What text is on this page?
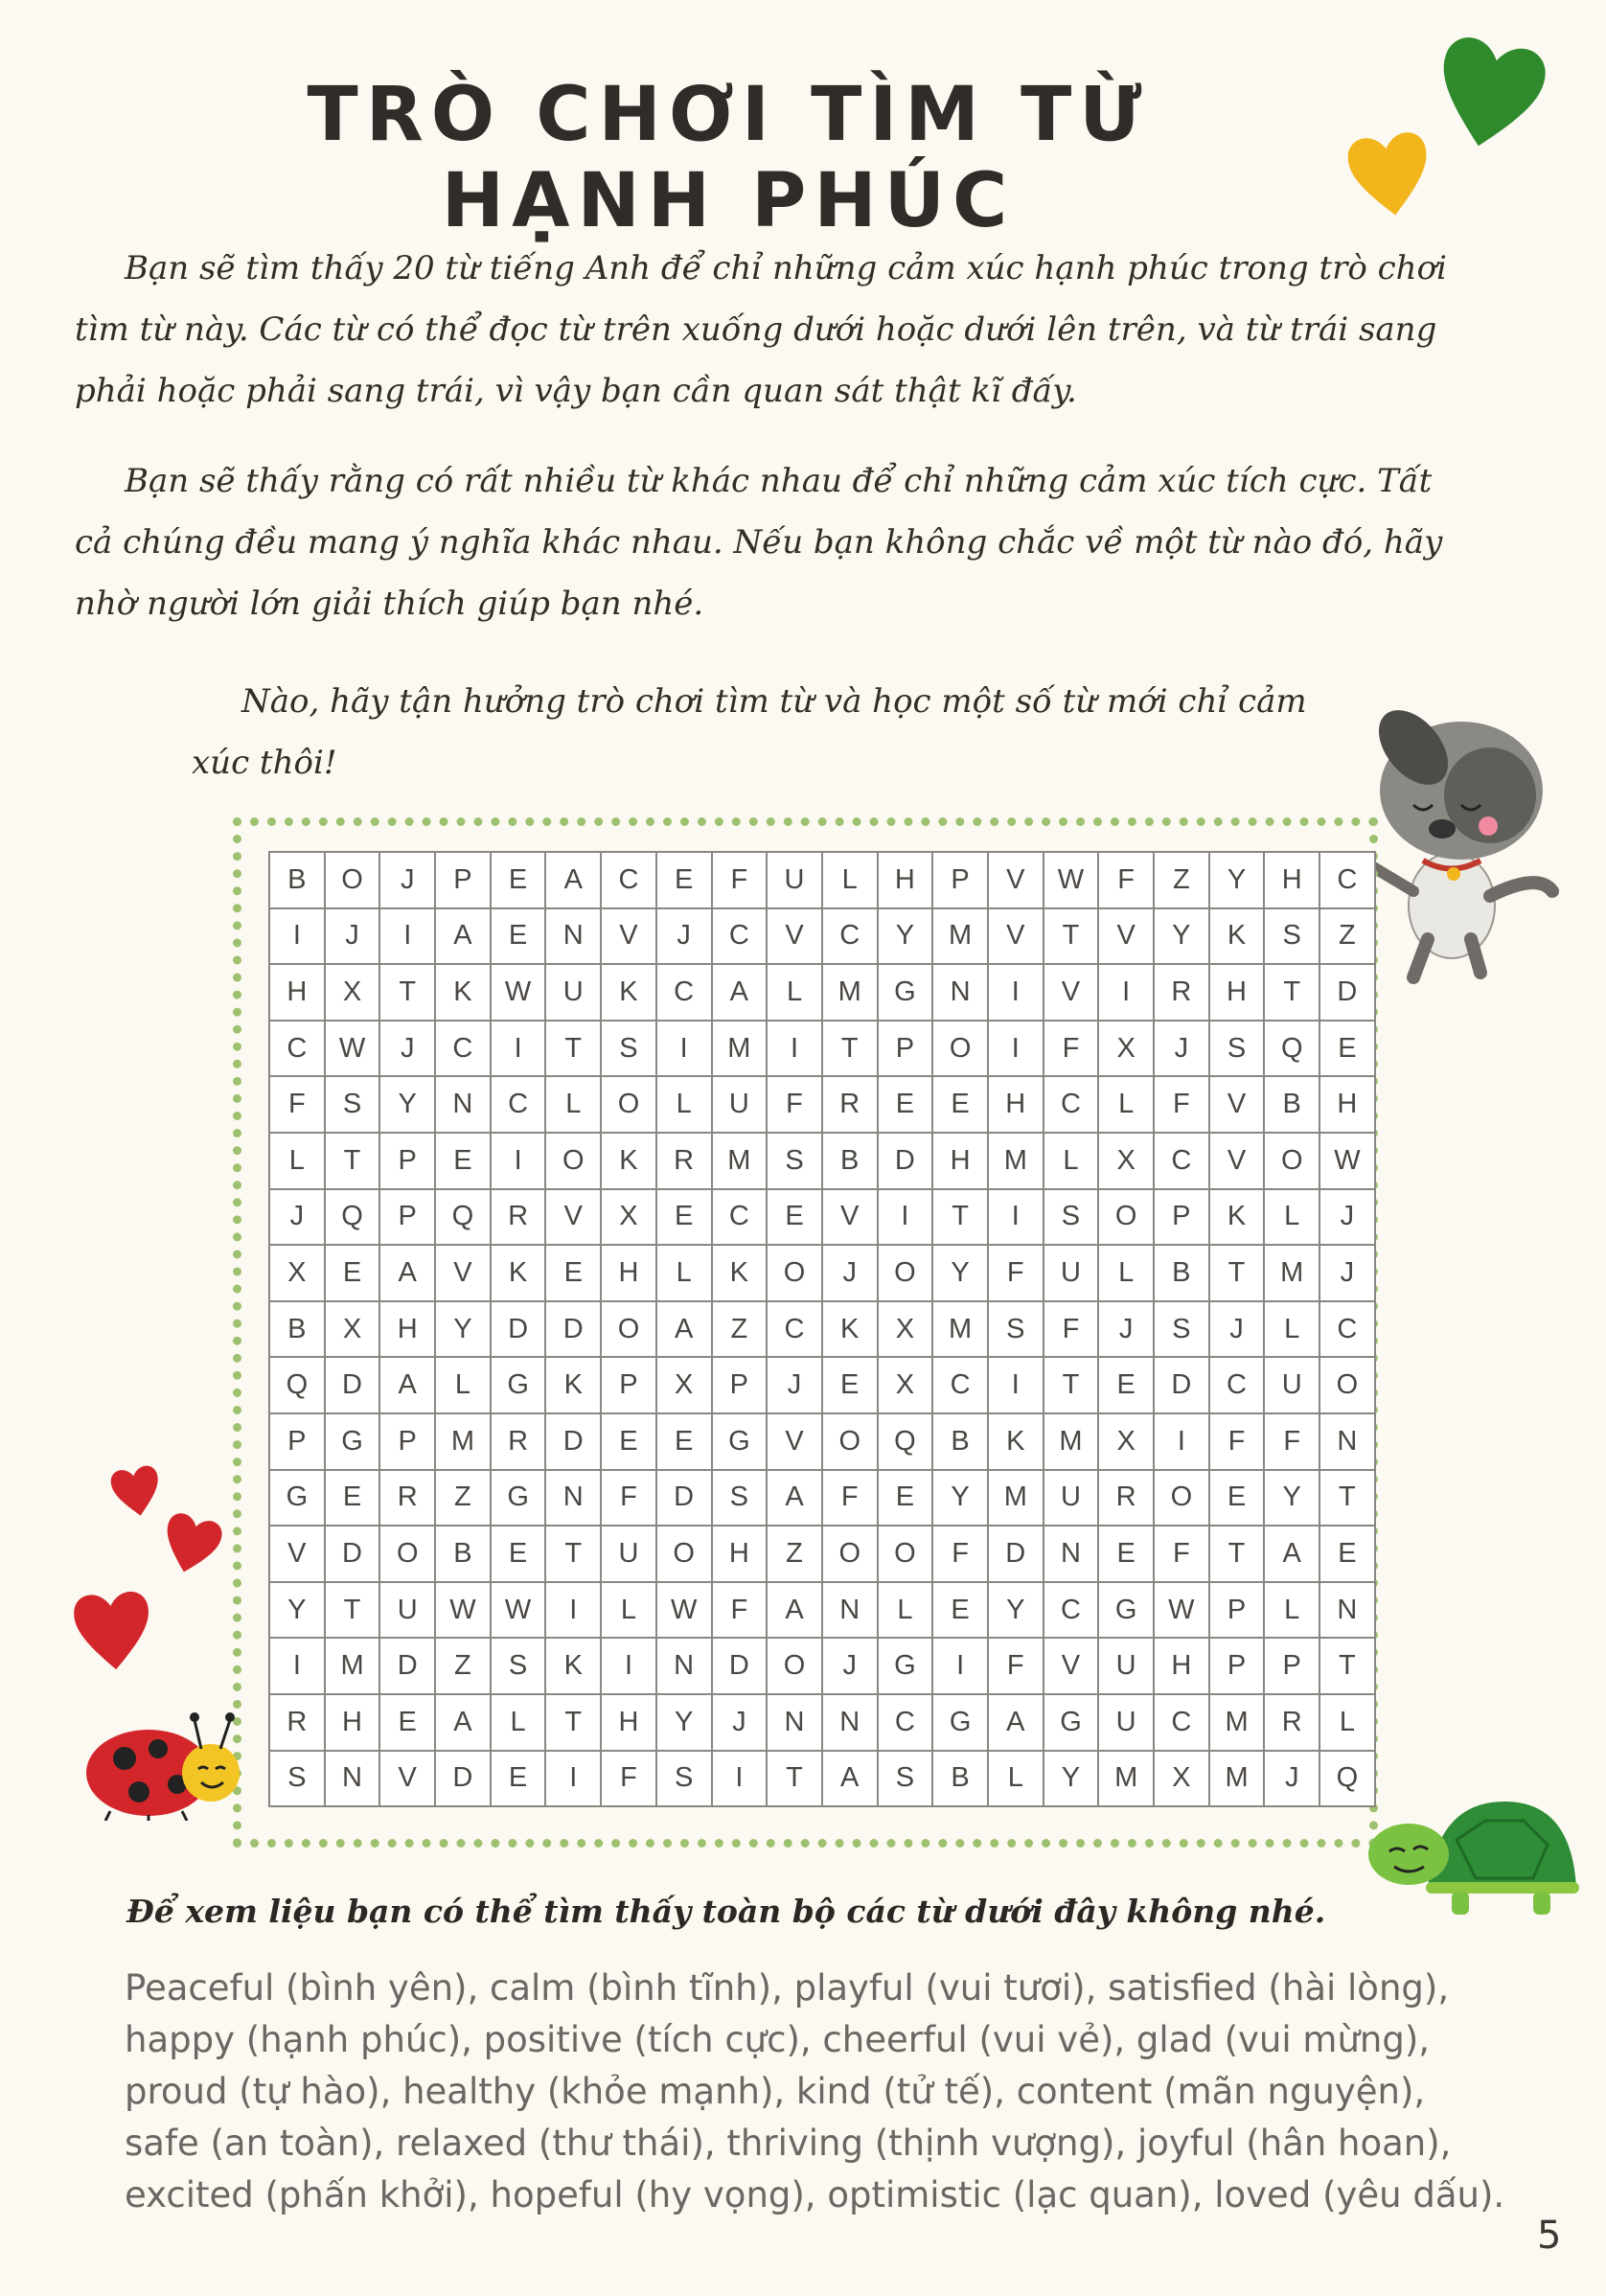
TRÒ CHƠI TÌM TỪ HẠNH PHÚC

Bạn sẽ tìm thấy 20 từ tiếng Anh để chỉ những cảm xúc hạnh phúc trong trò chơi tìm từ này. Các từ có thể đọc từ trên xuống dưới hoặc dưới lên trên, và từ trái sang phải hoặc phải sang trái, vì vậy bạn cần quan sát thật kĩ đấy.

Bạn sẽ thấy rằng có rất nhiều từ khác nhau để chỉ những cảm xúc tích cực. Tất cả chúng đều mang ý nghĩa khác nhau. Nếu bạn không chắc về một từ nào đó, hãy nhờ người lớn giải thích giúp bạn nhé.

Nào, hãy tận hưởng trò chơi tìm từ và học một số từ mới chỉ cảm xúc thôi!

B	O	J	P	E	A	C	E	F	U	L	H	P	V	W	F	Z	Y	H	C
I	J	I	A	E	N	V	J	C	V	C	Y	M	V	T	V	Y	K	S	Z
H	X	T	K	W	U	K	C	A	L	M	G	N	I	V	I	R	H	T	D
C	W	J	C	I	T	S	I	M	I	T	P	O	I	F	X	J	S	Q	E
F	S	Y	N	C	L	O	L	U	F	R	E	E	H	C	L	F	V	B	H
L	T	P	E	I	O	K	R	M	S	B	D	H	M	L	X	C	V	O	W
J	Q	P	Q	R	V	X	E	C	E	V	I	T	I	S	O	P	K	L	J
X	E	A	V	K	E	H	L	K	O	J	O	Y	F	U	L	B	T	M	J
B	X	H	Y	D	D	O	A	Z	C	K	X	M	S	F	J	S	J	L	C
Q	D	A	L	G	K	P	X	P	J	E	X	C	I	T	E	D	C	U	O
P	G	P	M	R	D	E	E	G	V	O	Q	B	K	M	X	I	F	F	N
G	E	R	Z	G	N	F	D	S	A	F	E	Y	M	U	R	O	E	Y	T
V	D	O	B	E	T	U	O	H	Z	O	O	F	D	N	E	F	T	A	E
Y	T	U	W	W	I	L	W	F	A	N	L	E	Y	C	G	W	P	L	N
I	M	D	Z	S	K	I	N	D	O	J	G	I	F	V	U	H	P	P	T
R	H	E	A	L	T	H	Y	J	N	N	C	G	A	G	U	C	M	R	L
S	N	V	D	E	I	F	S	I	T	A	S	B	L	Y	M	X	M	J	Q

Để xem liệu bạn có thể tìm thấy toàn bộ các từ dưới đây không nhé.

Peaceful (bình yên), calm (bình tĩnh), playful (vui tươi), satisfied (hài lòng),
happy (hạnh phúc), positive (tích cực), cheerful (vui vẻ), glad (vui mừng),
proud (tự hào), healthy (khỏe mạnh), kind (tử tế), content (mãn nguyện),
safe (an toàn), relaxed (thư thái), thriving (thịnh vượng), joyful (hân hoan),
excited (phấn khởi), hopeful (hy vọng), optimistic (lạc quan), loved (yêu dấu).
5
